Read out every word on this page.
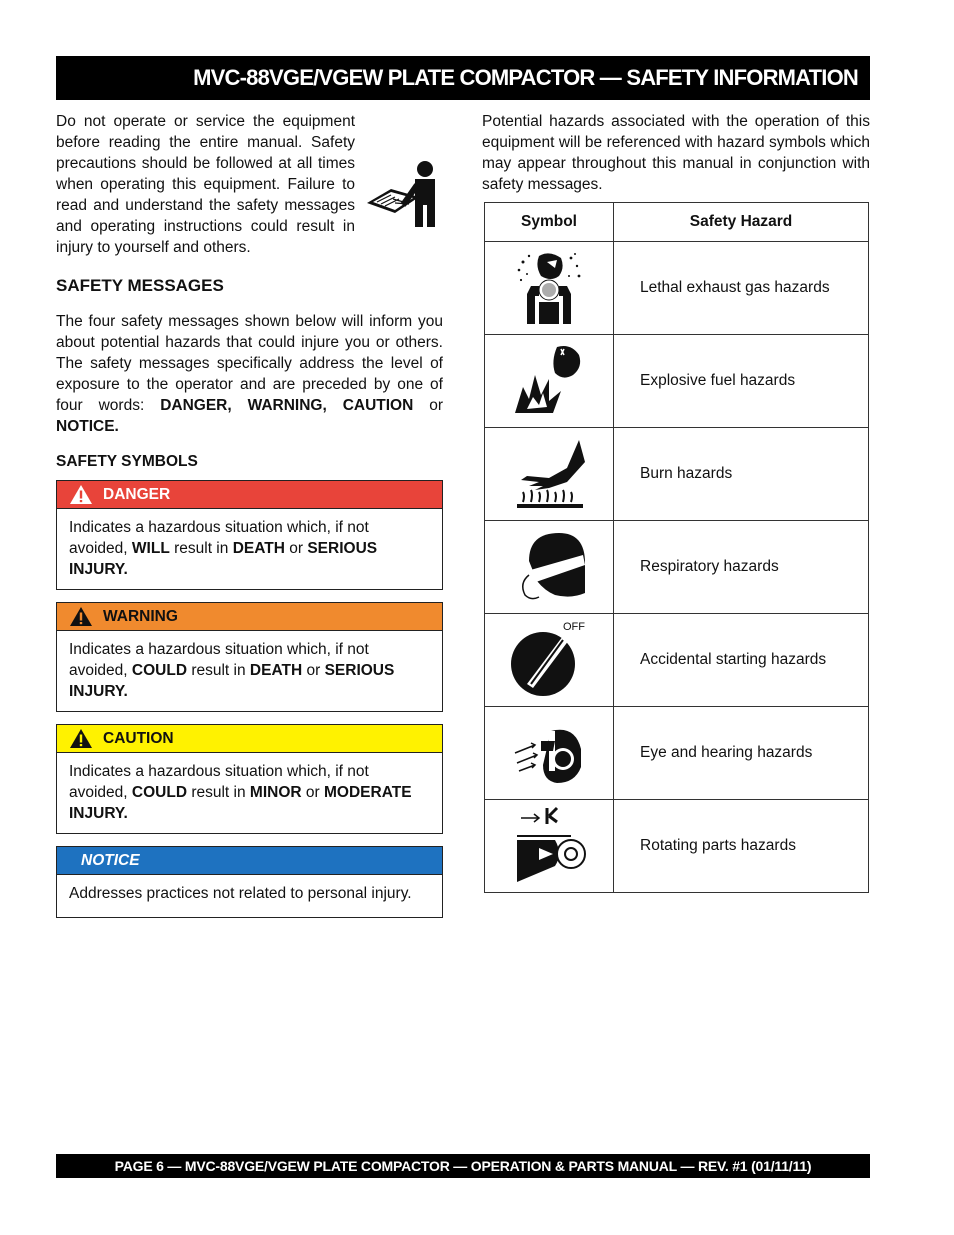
MVC-88VGE/VGEW PLATE COMPACTOR — SAFETY INFORMATION

Do not operate or service the equipment before reading the entire manual. Safety precautions should be followed at all times when operating this equipment. Failure to read and understand the safety messages and operating instructions could result in injury to yourself and others.

SAFETY MESSAGES

The four safety messages shown below will inform you about potential hazards that could injure you or others. The safety messages specifically address the level of exposure to the operator and are preceded by one of four words: DANGER, WARNING, CAUTION or NOTICE.

SAFETY SYMBOLS
DANGER
Indicates a hazardous situation which, if not avoided, WILL result in DEATH or SERIOUS INJURY.
WARNING
Indicates a hazardous situation which, if not avoided, COULD result in DEATH or SERIOUS INJURY.
CAUTION
Indicates a hazardous situation which, if not avoided, COULD result in MINOR or MODERATE INJURY.
NOTICE
Addresses practices not related to personal injury.

Potential hazards associated with the operation of this equipment will be referenced with hazard symbols which may appear throughout this manual in conjunction with safety messages.

Symbol	Safety Hazard
	Lethal exhaust gas hazards
	Explosive fuel hazards
	Burn hazards
	Respiratory hazards

OFF	Accidental starting hazards
	Eye and hearing hazards
	Rotating parts hazards
PAGE 6 — MVC-88VGE/VGEW PLATE COMPACTOR — OPERATION & PARTS MANUAL — REV. #1 (01/11/11)
